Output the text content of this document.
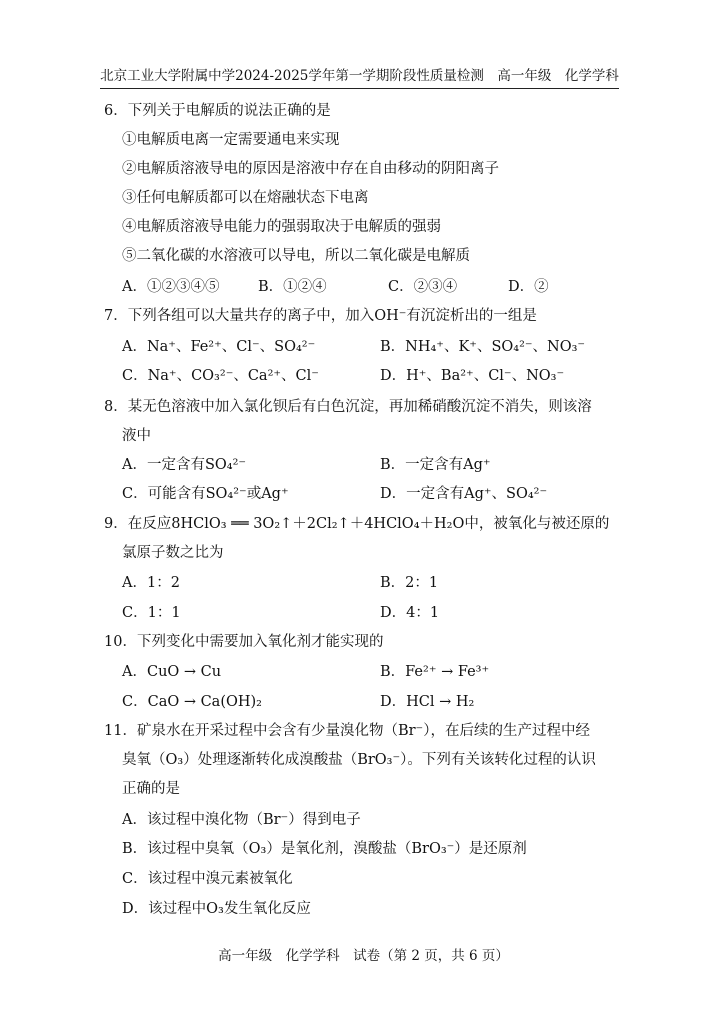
北京工业大学附属中学2024-2025学年第一学期阶段性质量检测　高一年级　化学学科
6．下列关于电解质的说法正确的是
①电解质电离一定需要通电来实现
②电解质溶液导电的原因是溶液中存在自由移动的阴阳离子
③任何电解质都可以在熔融状态下电离
④电解质溶液导电能力的强弱取决于电解质的强弱
⑤二氧化碳的水溶液可以导电，所以二氧化碳是电解质
A．①②③④⑤	B．①②④	C．②③④	D．②
7．下列各组可以大量共存的离子中，加入OH⁻有沉淀析出的一组是
A．Na⁺、Fe²⁺、Cl⁻、SO₄²⁻	B．NH₄⁺、K⁺、SO₄²⁻、NO₃⁻
C．Na⁺、CO₃²⁻、Ca²⁺、Cl⁻	D．H⁺、Ba²⁺、Cl⁻、NO₃⁻
8．某无色溶液中加入氯化钡后有白色沉淀，再加稀硝酸沉淀不消失，则该溶
液中
A．一定含有SO₄²⁻	B．一定含有Ag⁺
C．可能含有SO₄²⁻或Ag⁺	D．一定含有Ag⁺、SO₄²⁻
9．在反应8HClO₃ ══ 3O₂↑＋2Cl₂↑＋4HClO₄＋H₂O中，被氧化与被还原的
氯原子数之比为
A．1：2	B．2：1
C．1：1	D．4：1
10．下列变化中需要加入氧化剂才能实现的
A．CuO → Cu	B．Fe²⁺ → Fe³⁺
C．CaO → Ca(OH)₂	D．HCl → H₂
11．矿泉水在开采过程中会含有少量溴化物（Br⁻），在后续的生产过程中经
臭氧（O₃）处理逐渐转化成溴酸盐（BrO₃⁻）。下列有关该转化过程的认识
正确的是
A．该过程中溴化物（Br⁻）得到电子
B．该过程中臭氧（O₃）是氧化剂，溴酸盐（BrO₃⁻）是还原剂
C．该过程中溴元素被氧化
D．该过程中O₃发生氧化反应
高一年级　化学学科　试卷（第 2 页，共 6 页）
